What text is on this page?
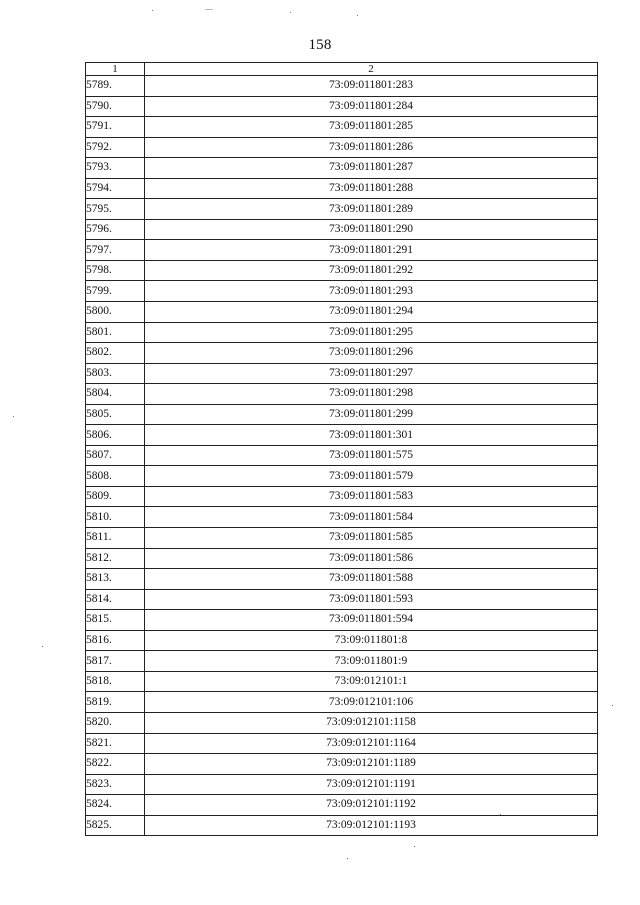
158
1	2
5789.	73:09:011801:283
5790.	73:09:011801:284
5791.	73:09:011801:285
5792.	73:09:011801:286
5793.	73:09:011801:287
5794.	73:09:011801:288
5795.	73:09:011801:289
5796.	73:09:011801:290
5797.	73:09:011801:291
5798.	73:09:011801:292
5799.	73:09:011801:293
5800.	73:09:011801:294
5801.	73:09:011801:295
5802.	73:09:011801:296
5803.	73:09:011801:297
5804.	73:09:011801:298
5805.	73:09:011801:299
5806.	73:09:011801:301
5807.	73:09:011801:575
5808.	73:09:011801:579
5809.	73:09:011801:583
5810.	73:09:011801:584
5811.	73:09:011801:585
5812.	73:09:011801:586
5813.	73:09:011801:588
5814.	73:09:011801:593
5815.	73:09:011801:594
5816.	73:09:011801:8
5817.	73:09:011801:9
5818.	73:09:012101:1
5819.	73:09:012101:106
5820.	73:09:012101:1158
5821.	73:09:012101:1164
5822.	73:09:012101:1189
5823.	73:09:012101:1191
5824.	73:09:012101:1192
5825.	73:09:012101:1193
